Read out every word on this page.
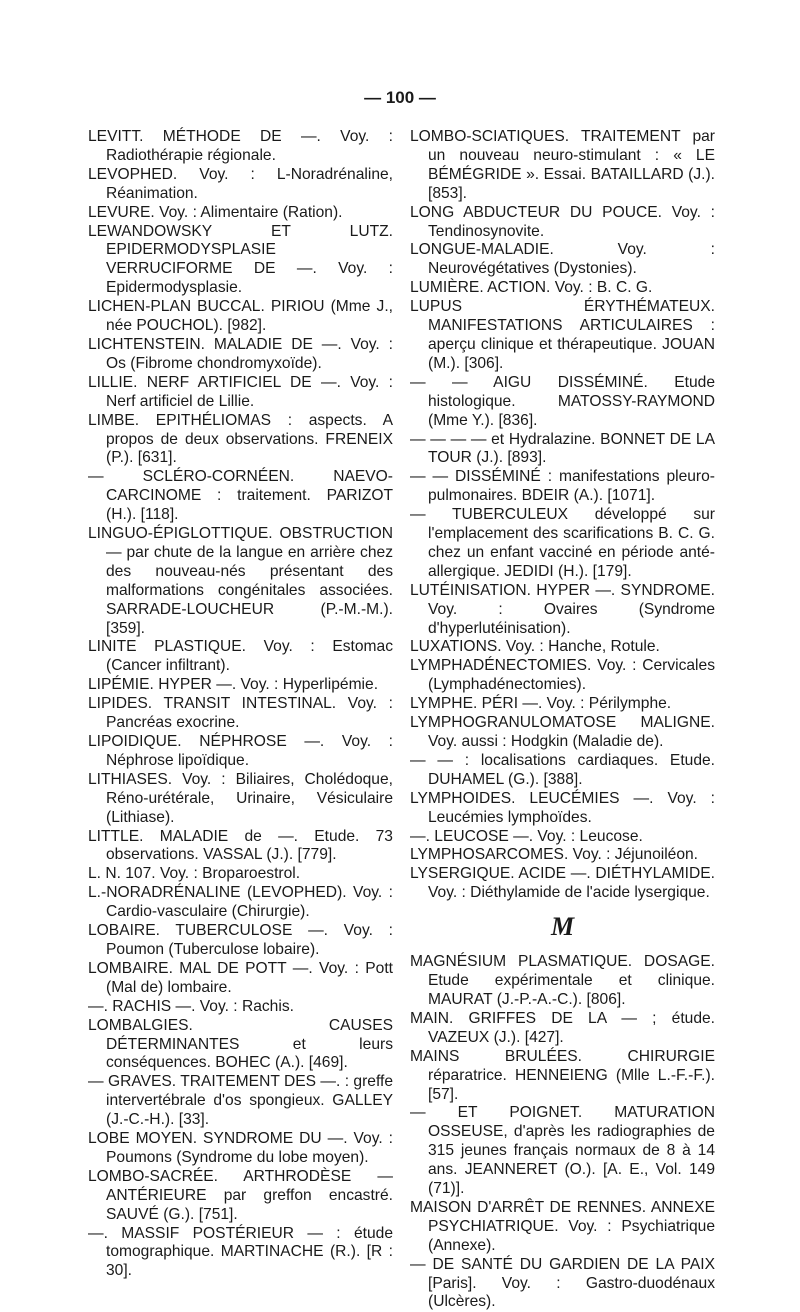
— 100 —

LEVITT. MÉTHODE DE —. Voy. : Radiothérapie régionale.

LEVOPHED. Voy. : L-Noradrénaline, Réanimation.

LEVURE. Voy. : Alimentaire (Ration).

LEWANDOWSKY ET LUTZ. EPIDERMODYSPLASIE VERRUCIFORME DE —. Voy. : Epidermodysplasie.

LICHEN-PLAN BUCCAL. PIRIOU (Mme J., née POUCHOL). [982].

LICHTENSTEIN. MALADIE DE —. Voy. : Os (Fibrome chondromyxoïde).

LILLIE. NERF ARTIFICIEL DE —. Voy. : Nerf artificiel de Lillie.

LIMBE. EPITHÉLIOMAS : aspects. A propos de deux observations. FRENEIX (P.). [631].

— SCLÉRO-CORNÉEN. NAEVO-CARCINOME : traitement. PARIZOT (H.). [118].

LINGUO-ÉPIGLOTTIQUE. OBSTRUCTION — par chute de la langue en arrière chez des nouveau-nés présentant des malformations congénitales associées. SARRADE-LOUCHEUR (P.-M.-M.). [359].

LINITE PLASTIQUE. Voy. : Estomac (Cancer infiltrant).

LIPÉMIE. HYPER —. Voy. : Hyperlipémie.

LIPIDES. TRANSIT INTESTINAL. Voy. : Pancréas exocrine.

LIPOIDIQUE. NÉPHROSE —. Voy. : Néphrose lipoïdique.

LITHIASES. Voy. : Biliaires, Cholédoque, Réno-urétérale, Urinaire, Vésiculaire (Lithiase).

LITTLE. MALADIE de —. Etude. 73 observations. VASSAL (J.). [779].

L. N. 107. Voy. : Broparoestrol.

L.-NORADRÉNALINE (LEVOPHED). Voy. : Cardio-vasculaire (Chirurgie).

LOBAIRE. TUBERCULOSE —. Voy. : Poumon (Tuberculose lobaire).

LOMBAIRE. MAL DE POTT —. Voy. : Pott (Mal de) lombaire.

—. RACHIS —. Voy. : Rachis.

LOMBALGIES. CAUSES DÉTERMINANTES et leurs conséquences. BOHEC (A.). [469].

— GRAVES. TRAITEMENT DES —. : greffe intervertébrale d'os spongieux. GALLEY (J.-C.-H.). [33].

LOBE MOYEN. SYNDROME DU —. Voy. : Poumons (Syndrome du lobe moyen).

LOMBO-SACRÉE. ARTHRODÈSE — ANTÉRIEURE par greffon encastré. SAUVÉ (G.). [751].

—. MASSIF POSTÉRIEUR — : étude tomographique. MARTINACHE (R.). [R : 30].

LOMBO-SCIATIQUES. TRAITEMENT par un nouveau neuro-stimulant : « LE BÉMÉGRIDE ». Essai. BATAILLARD (J.). [853].

LONG ABDUCTEUR DU POUCE. Voy. : Tendinosynovite.

LONGUE-MALADIE. Voy. : Neurovégétatives (Dystonies).

LUMIÈRE. ACTION. Voy. : B. C. G.

LUPUS ÉRYTHÉMATEUX. MANIFESTATIONS ARTICULAIRES : aperçu clinique et thérapeutique. JOUAN (M.). [306].

— — AIGU DISSÉMINÉ. Etude histologique. MATOSSY-RAYMOND (Mme Y.). [836].

— — — — et Hydralazine. BONNET DE LA TOUR (J.). [893].

— — DISSÉMINÉ : manifestations pleuro-pulmonaires. BDEIR (A.). [1071].

— TUBERCULEUX développé sur l'emplacement des scarifications B. C. G. chez un enfant vacciné en période anté-allergique. JEDIDI (H.). [179].

LUTÉINISATION. HYPER —. SYNDROME. Voy. : Ovaires (Syndrome d'hyperlutéinisation).

LUXATIONS. Voy. : Hanche, Rotule.

LYMPHADÉNECTOMIES. Voy. : Cervicales (Lymphadénectomies).

LYMPHE. PÉRI —. Voy. : Périlymphe.

LYMPHOGRANULOMATOSE MALIGNE. Voy. aussi : Hodgkin (Maladie de).

— — : localisations cardiaques. Etude. DUHAMEL (G.). [388].

LYMPHOIDES. LEUCÉMIES —. Voy. : Leucémies lymphoïdes.

—. LEUCOSE —. Voy. : Leucose.

LYMPHOSARCOMES. Voy. : Jéjunoiléon.

LYSERGIQUE. ACIDE —. DIÉTHYLAMIDE. Voy. : Diéthylamide de l'acide lysergique.

M

MAGNÉSIUM PLASMATIQUE. DOSAGE. Etude expérimentale et clinique. MAURAT (J.-P.-A.-C.). [806].

MAIN. GRIFFES DE LA — ; étude. VAZEUX (J.). [427].

MAINS BRULÉES. CHIRURGIE réparatrice. HENNEIENG (Mlle L.-F.-F.). [57].

— ET POIGNET. MATURATION OSSEUSE, d'après les radiographies de 315 jeunes français normaux de 8 à 14 ans. JEANNERET (O.). [A. E., Vol. 149 (71)].

MAISON D'ARRÊT DE RENNES. ANNEXE PSYCHIATRIQUE. Voy. : Psychiatrique (Annexe).

— DE SANTÉ DU GARDIEN DE LA PAIX [Paris]. Voy. : Gastro-duodénaux (Ulcères).
